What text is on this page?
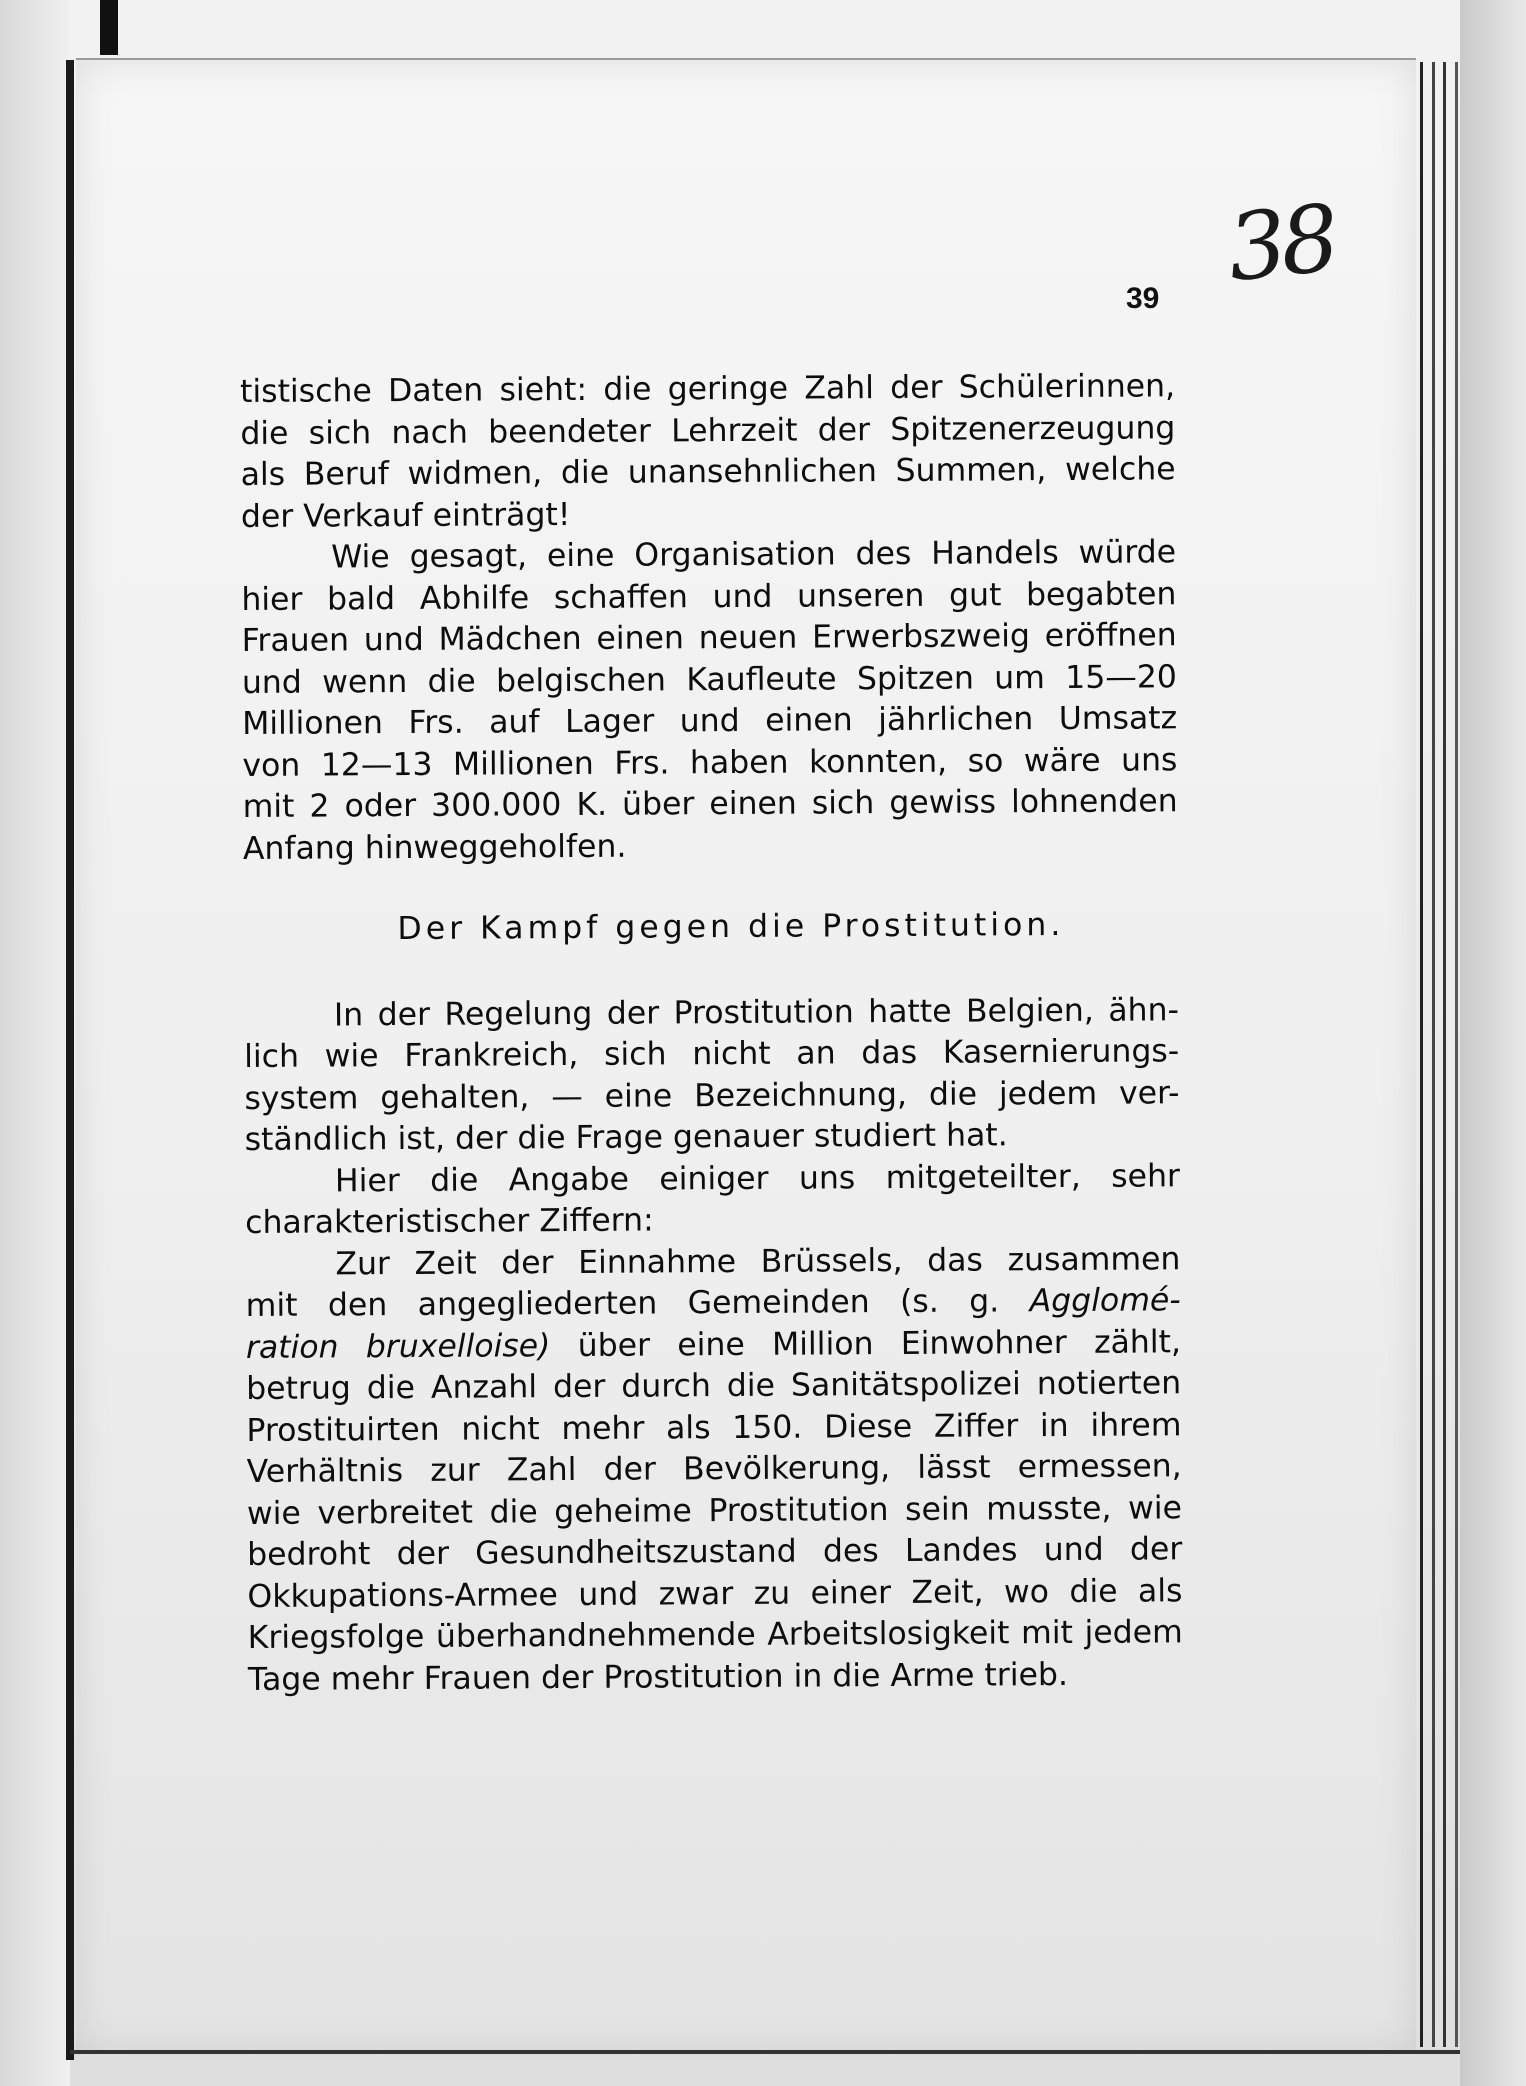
38
39
tistische Daten sieht: die geringe Zahl der Schülerinnen,
die sich nach beendeter Lehrzeit der Spitzenerzeugung
als Beruf widmen, die unansehnlichen Summen, welche
der Verkauf einträgt!
Wie gesagt, eine Organisation des Handels würde
hier bald Abhilfe schaffen und unseren gut begabten
Frauen und Mädchen einen neuen Erwerbszweig eröffnen
und wenn die belgischen Kaufleute Spitzen um 15—20
Millionen Frs. auf Lager und einen jährlichen Umsatz
von 12—13 Millionen Frs. haben konnten, so wäre uns
mit 2 oder 300.000 K. über einen sich gewiss lohnenden
Anfang hinweggeholfen.
Der Kampf gegen die Prostitution.
In der Regelung der Prostitution hatte Belgien, ähn-
lich wie Frankreich, sich nicht an das Kasernierungs-
system gehalten, — eine Bezeichnung, die jedem ver-
ständlich ist, der die Frage genauer studiert hat.
Hier die Angabe einiger uns mitgeteilter, sehr
charakteristischer Ziffern:
Zur Zeit der Einnahme Brüssels, das zusammen
mit den angegliederten Gemeinden (s. g. Agglomé-
ration bruxelloise) über eine Million Einwohner zählt,
betrug die Anzahl der durch die Sanitätspolizei notierten
Prostituirten nicht mehr als 150. Diese Ziffer in ihrem
Verhältnis zur Zahl der Bevölkerung, lässt ermessen,
wie verbreitet die geheime Prostitution sein musste, wie
bedroht der Gesundheitszustand des Landes und der
Okkupations-Armee und zwar zu einer Zeit, wo die als
Kriegsfolge überhandnehmende Arbeitslosigkeit mit jedem
Tage mehr Frauen der Prostitution in die Arme trieb.
